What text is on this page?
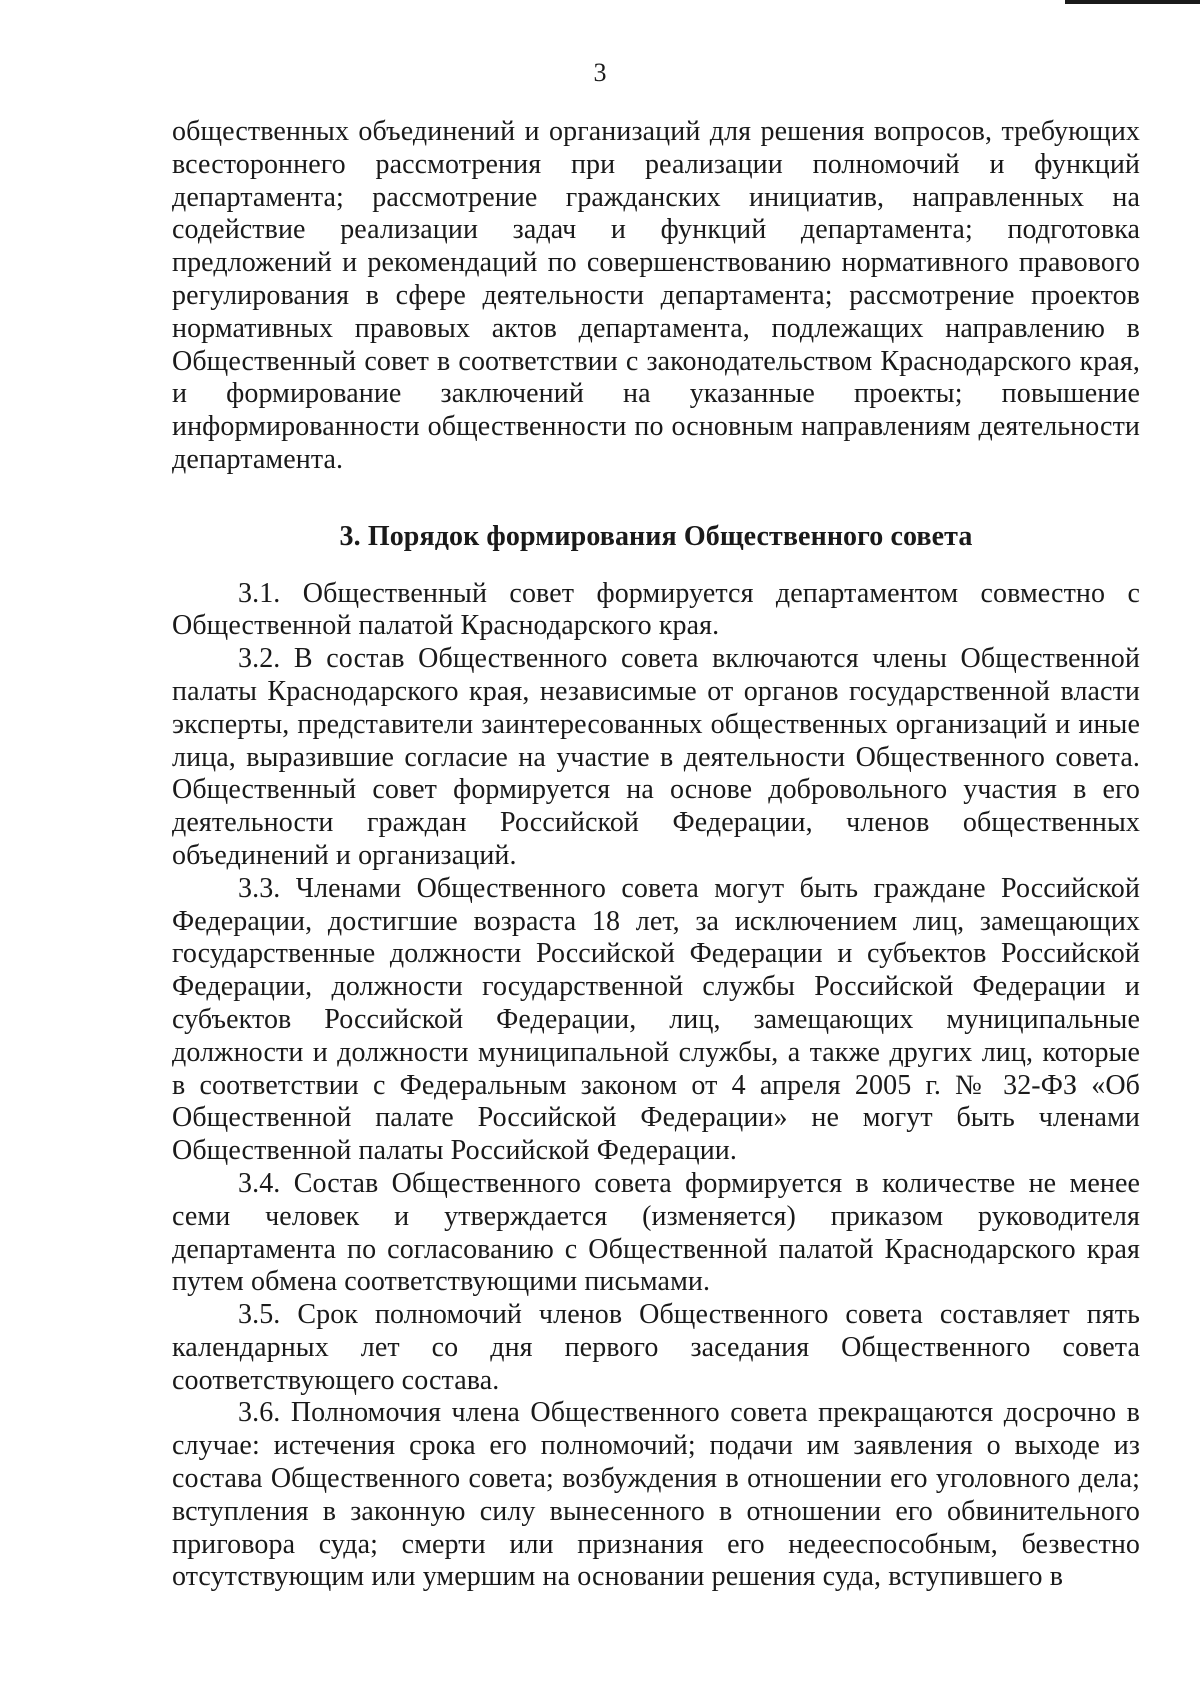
3

общественных объединений и организаций для решения вопросов, требующих всестороннего рассмотрения при реализации полномочий и функций департамента; рассмотрение гражданских инициатив, направленных на содействие реализации задач и функций департамента; подготовка предложений и рекомендаций по совершенствованию нормативного правового регулирования в сфере деятельности департамента; рассмотрение проектов нормативных правовых актов департамента, подлежащих направлению в Общественный совет в соответствии с законодательством Краснодарского края, и формирование заключений на указанные проекты; повышение информированности общественности по основным направлениям деятельности департамента.

3. Порядок формирования Общественного совета

3.1. Общественный совет формируется департаментом совместно с Общественной палатой Краснодарского края.

3.2. В состав Общественного совета включаются члены Общественной палаты Краснодарского края, независимые от органов государственной власти эксперты, представители заинтересованных общественных организаций и иные лица, выразившие согласие на участие в деятельности Общественного совета. Общественный совет формируется на основе добровольного участия в его деятельности граждан Российской Федерации, членов общественных объединений и организаций.

3.3. Членами Общественного совета могут быть граждане Российской Федерации, достигшие возраста 18 лет, за исключением лиц, замещающих государственные должности Российской Федерации и субъектов Российской Федерации, должности государственной службы Российской Федерации и субъектов Российской Федерации, лиц, замещающих муниципальные должности и должности муниципальной службы, а также других лиц, которые в соответствии с Федеральным законом от 4 апреля 2005 г. № 32-ФЗ «Об Общественной палате Российской Федерации» не могут быть членами Общественной палаты Российской Федерации.

3.4. Состав Общественного совета формируется в количестве не менее семи человек и утверждается (изменяется) приказом руководителя департамента по согласованию с Общественной палатой Краснодарского края путем обмена соответствующими письмами.

3.5. Срок полномочий членов Общественного совета составляет пять календарных лет со дня первого заседания Общественного совета соответствующего состава.

3.6. Полномочия члена Общественного совета прекращаются досрочно в случае: истечения срока его полномочий; подачи им заявления о выходе из состава Общественного совета; возбуждения в отношении его уголовного дела; вступления в законную силу вынесенного в отношении его обвинительного приговора суда; смерти или признания его недееспособным, безвестно отсутствующим или умершим на основании решения суда, вступившего в
